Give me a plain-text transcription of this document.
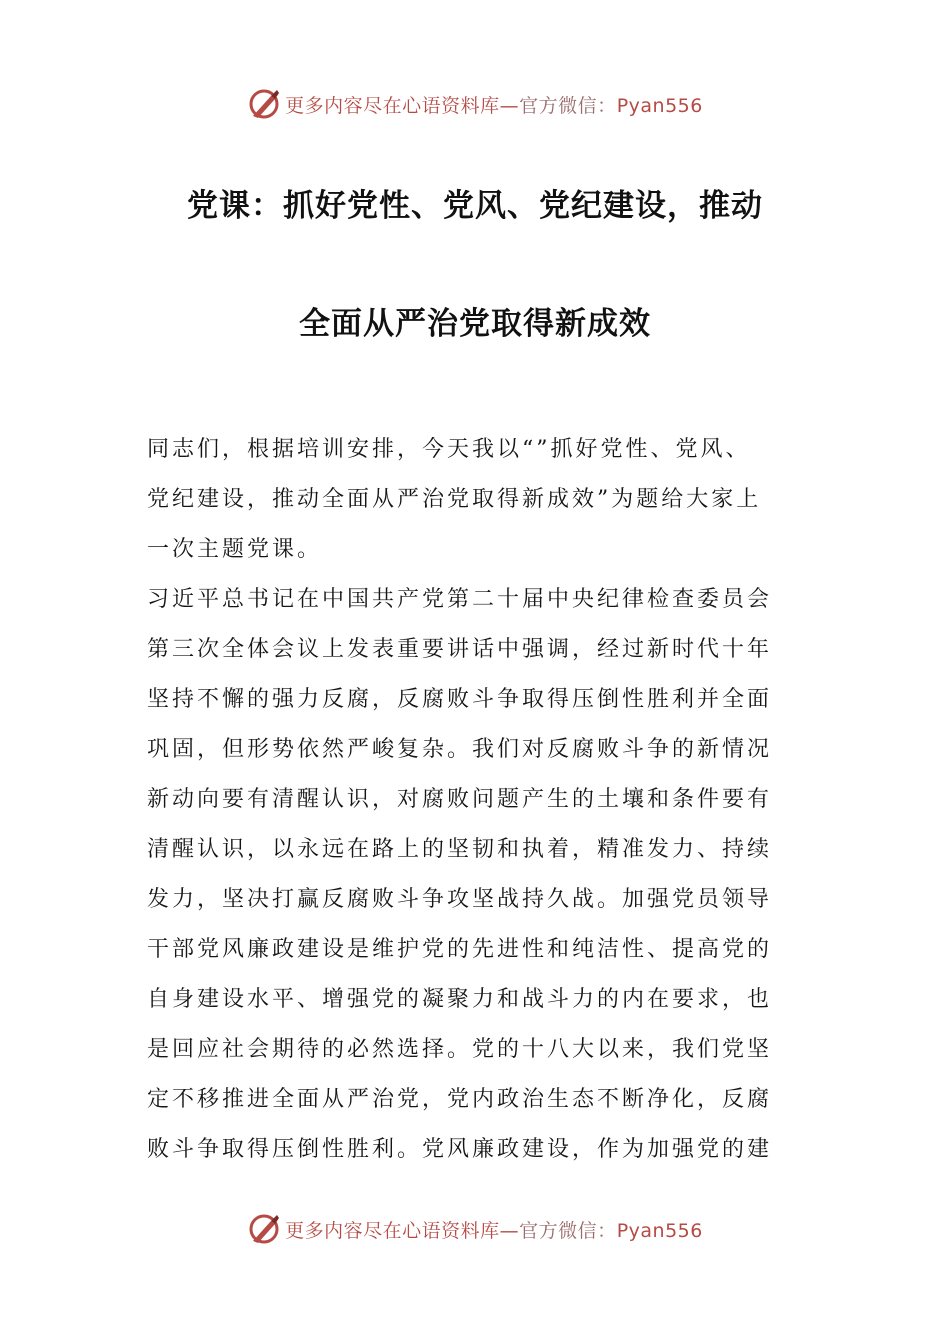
更多内容尽在心语资料库—官方微信：Pyan556
党课：抓好党性、党风、党纪建设，推动
全面从严治党取得新成效
同志们，根据培训安排，今天我以“”抓好党性、党风、
党纪建设，推动全面从严治党取得新成效”为题给大家上
一次主题党课。
习近平总书记在中国共产党第二十届中央纪律检查委员会
第三次全体会议上发表重要讲话中强调，经过新时代十年
坚持不懈的强力反腐，反腐败斗争取得压倒性胜利并全面
巩固，但形势依然严峻复杂。我们对反腐败斗争的新情况
新动向要有清醒认识，对腐败问题产生的土壤和条件要有
清醒认识，以永远在路上的坚韧和执着，精准发力、持续
发力，坚决打赢反腐败斗争攻坚战持久战。加强党员领导
干部党风廉政建设是维护党的先进性和纯洁性、提高党的
自身建设水平、增强党的凝聚力和战斗力的内在要求，也
是回应社会期待的必然选择。党的十八大以来，我们党坚
定不移推进全面从严治党，党内政治生态不断净化，反腐
败斗争取得压倒性胜利。党风廉政建设，作为加强党的建
更多内容尽在心语资料库—官方微信：Pyan556
